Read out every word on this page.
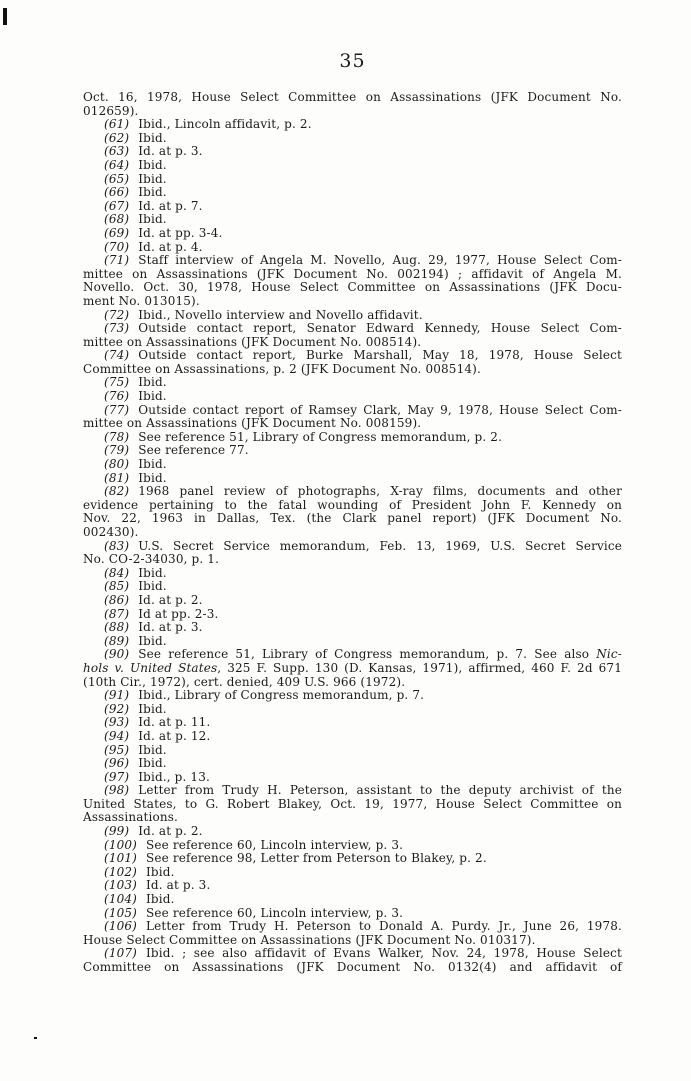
35
Oct. 16, 1978, House Select Committee on Assassinations (JFK Document No.
012659).
(61) Ibid., Lincoln affidavit, p. 2.
(62) Ibid.
(63) Id. at p. 3.
(64) Ibid.
(65) Ibid.
(66) Ibid.
(67) Id. at p. 7.
(68) Ibid.
(69) Id. at pp. 3-4.
(70) Id. at p. 4.
(71) Staff interview of Angela M. Novello, Aug. 29, 1977, House Select Com-
mittee on Assassinations (JFK Document No. 002194) ; affidavit of Angela M.
Novello. Oct. 30, 1978, House Select Committee on Assassinations (JFK Docu-
ment No. 013015).
(72) Ibid., Novello interview and Novello affidavit.
(73) Outside contact report, Senator Edward Kennedy, House Select Com-
mittee on Assassinations (JFK Document No. 008514).
(74) Outside contact report, Burke Marshall, May 18, 1978, House Select
Committee on Assassinations, p. 2 (JFK Document No. 008514).
(75) Ibid.
(76) Ibid.
(77) Outside contact report of Ramsey Clark, May 9, 1978, House Select Com-
mittee on Assassinations (JFK Document No. 008159).
(78) See reference 51, Library of Congress memorandum, p. 2.
(79) See reference 77.
(80) Ibid.
(81) Ibid.
(82) 1968 panel review of photographs, X-ray films, documents and other
evidence pertaining to the fatal wounding of President John F. Kennedy on
Nov. 22, 1963 in Dallas, Tex. (the Clark panel report) (JFK Document No.
002430).
(83) U.S. Secret Service memorandum, Feb. 13, 1969, U.S. Secret Service
No. CO-2-34030, p. 1.
(84) Ibid.
(85) Ibid.
(86) Id. at p. 2.
(87) Id at pp. 2-3.
(88) Id. at p. 3.
(89) Ibid.
(90) See reference 51, Library of Congress memorandum, p. 7. See also Nic-
hols v. United States, 325 F. Supp. 130 (D. Kansas, 1971), affirmed, 460 F. 2d 671
(10th Cir., 1972), cert. denied, 409 U.S. 966 (1972).
(91) Ibid., Library of Congress memorandum, p. 7.
(92) Ibid.
(93) Id. at p. 11.
(94) Id. at p. 12.
(95) Ibid.
(96) Ibid.
(97) Ibid., p. 13.
(98) Letter from Trudy H. Peterson, assistant to the deputy archivist of the
United States, to G. Robert Blakey, Oct. 19, 1977, House Select Committee on
Assassinations.
(99) Id. at p. 2.
(100) See reference 60, Lincoln interview, p. 3.
(101) See reference 98, Letter from Peterson to Blakey, p. 2.
(102) Ibid.
(103) Id. at p. 3.
(104) Ibid.
(105) See reference 60, Lincoln interview, p. 3.
(106) Letter from Trudy H. Peterson to Donald A. Purdy. Jr., June 26, 1978.
House Select Committee on Assassinations (JFK Document No. 010317).
(107) Ibid. ; see also affidavit of Evans Walker, Nov. 24, 1978, House Select
Committee on Assassinations (JFK Document No. 0132(4) and affidavit of
